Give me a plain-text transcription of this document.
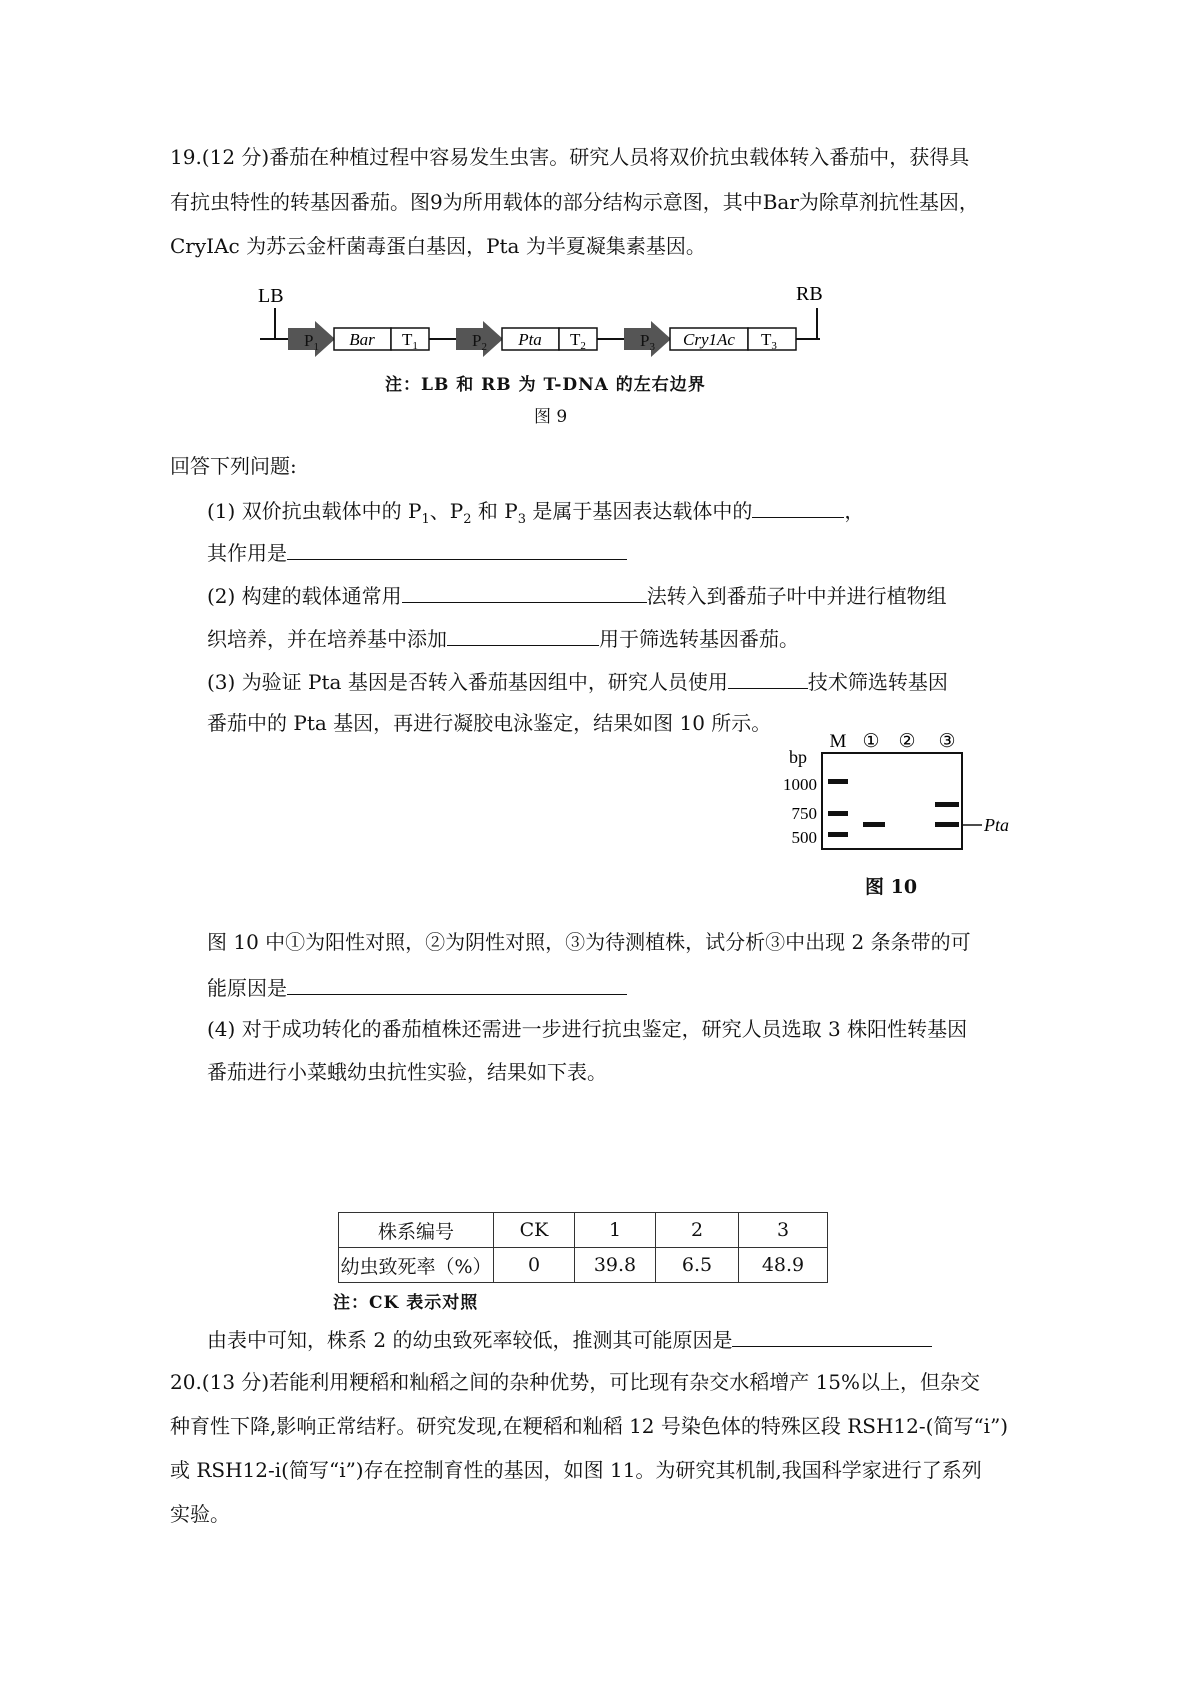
19.(12 分)番茄在种植过程中容易发生虫害。研究人员将双价抗虫载体转入番茄中，获得具
有抗虫特性的转基因番茄。图9为所用载体的部分结构示意图，其中Bar为除草剂抗性基因，
CryIAc 为苏云金杆菌毒蛋白基因，Pta 为半夏凝集素基因。
LB	RB
$P_1$ Bar $T_1$	$P_2$ Pta $T_2$	$P_3$ Cry1Ac $T_3$
注：LB 和 RB 为 T-DNA 的左右边界
图 9
回答下列问题:
(1) 双价抗虫载体中的 $P_1$、$P_2$ 和 $P_3$ 是属于基因表达载体中的	，
其作用是
(2) 构建的载体通常用	法转入到番茄子叶中并进行植物组
织培养，并在培养基中添加	用于筛选转基因番茄。
(3) 为验证 Pta 基因是否转入番茄基因组中，研究人员使用	技术筛选转基因
番茄中的 Pta 基因，再进行凝胶电泳鉴定，结果如图 10 所示。
M ① ② ③
bp
1000
750
500
Pta
图 10
图 10 中①为阳性对照，②为阴性对照，③为待测植株，试分析③中出现 2 条条带的可
能原因是
(4) 对于成功转化的番茄植株还需进一步进行抗虫鉴定，研究人员选取 3 株阳性转基因
番茄进行小菜蛾幼虫抗性实验，结果如下表。
株系编号	CK	1	2	3
幼虫致死率（%）	0	39.8	6.5	48.9
注：CK 表示对照
由表中可知，株系 2 的幼虫致死率较低，推测其可能原因是
20.(13 分)若能利用粳稻和籼稻之间的杂种优势，可比现有杂交水稻增产 15%以上，但杂交
种育性下降,影响正常结籽。研究发现,在粳稻和籼稻 12 号染色体的特殊区段 RSH12-(简写“i”)
或 RSH12-i(简写“i”)存在控制育性的基因，如图 11。为研究其机制,我国科学家进行了系列
实验。
